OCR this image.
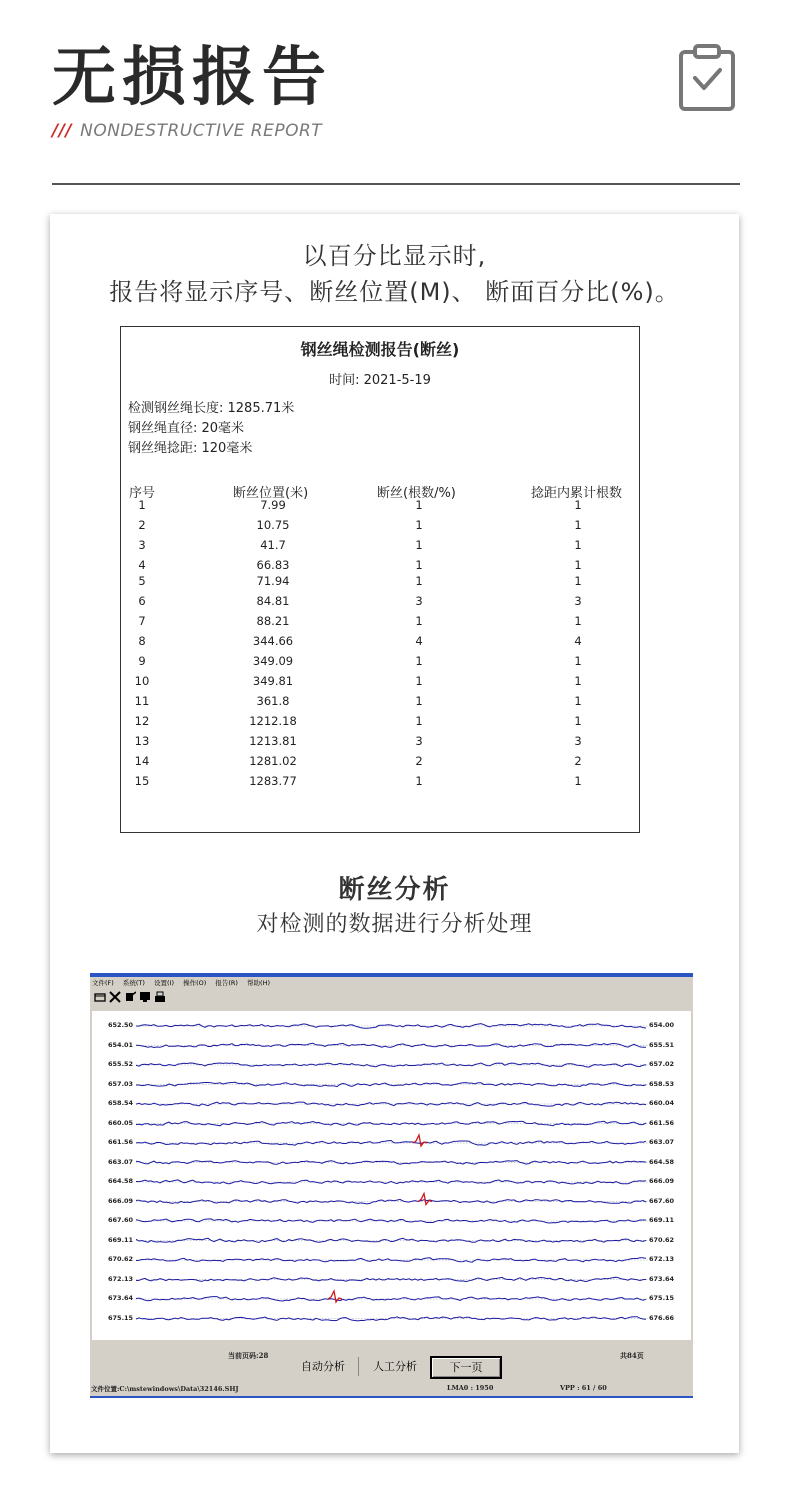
无损报告
/// NONDESTRUCTIVE REPORT
以百分比显示时,
报告将显示序号、断丝位置(M)、 断面百分比(%)。
钢丝绳检测报告(断丝)
时间: 2021-5-19
检测钢丝绳长度: 1285.71米
钢丝绳直径: 20毫米
钢丝绳捻距: 120毫米
序号	断丝位置(米)	断丝(根数/%)	捻距内累计根数
1	7.99	1	1
2	10.75	1	1
3	41.7	1	1
4	66.83	1	1
5	71.94	1	1
6	84.81	3	3
7	88.21	1	1
8	344.66	4	4
9	349.09	1	1
10	349.81	1	1
11	361.8	1	1
12	1212.18	1	1
13	1213.81	3	3
14	1281.02	2	2
15	1283.77	1	1
断丝分析
对检测的数据进行分析处理
文件(F) 系统(T) 设置(I) 操作(O) 报告(R) 帮助(H)
652.50
654.01
655.52
657.03
658.54
660.05
661.56
663.07
664.58
666.09
667.60
669.11
670.62
672.13
673.64
675.15
654.00
655.51
657.02
658.53
660.04
661.56
663.07
664.58
666.09
667.60
669.11
670.62
672.13
673.64
675.15
676.66
当前页码:28	共84页
自动分析	人工分析	下一页
文件位置:C:\mstewindows\Data\32146.SHJ	LMA0 : 1950	VPP : 61 / 60
